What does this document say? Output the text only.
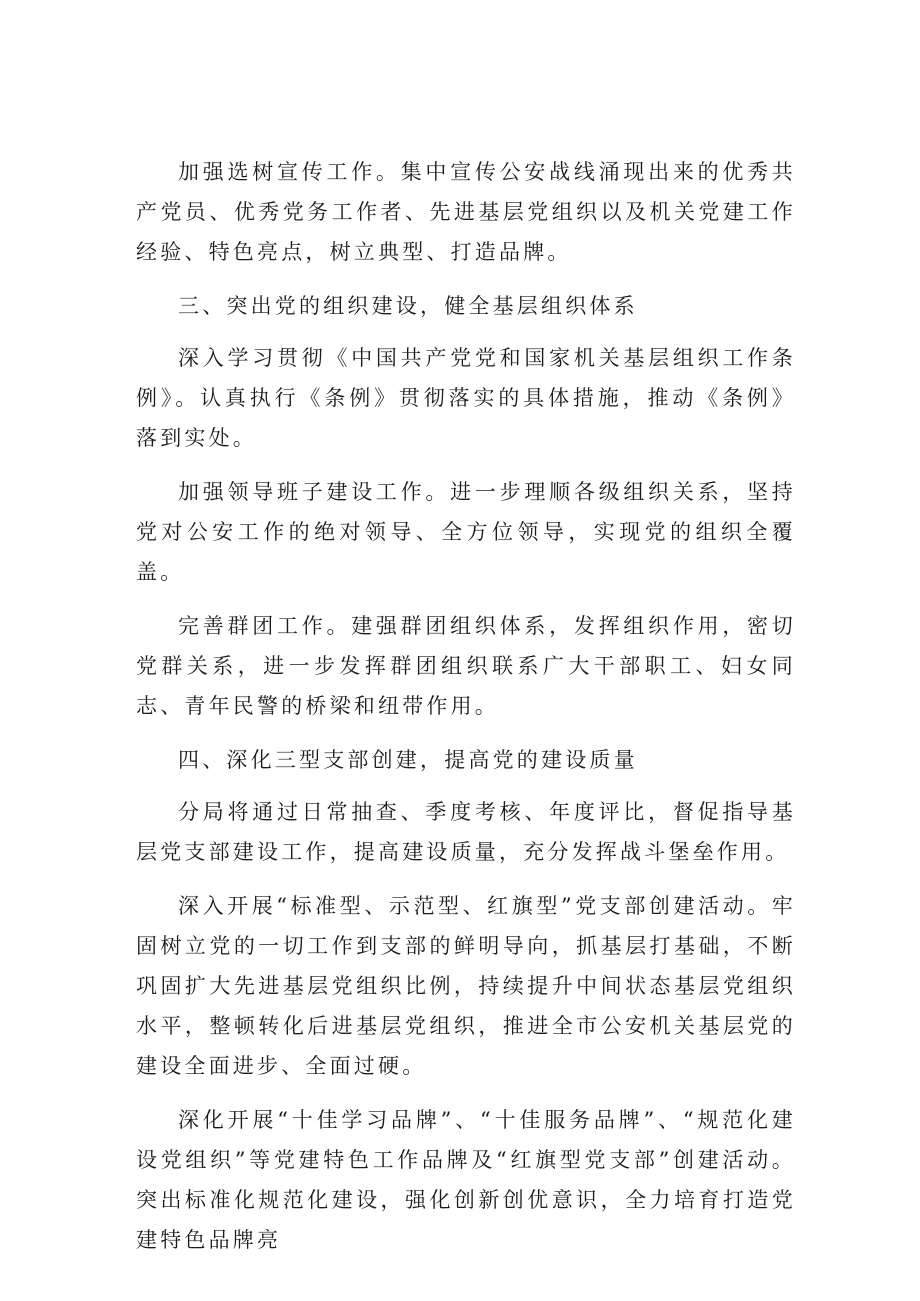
加强选树宣传工作。集中宣传公安战线涌现出来的优秀共产党员、优秀党务工作者、先进基层党组织以及机关党建工作经验、特色亮点，树立典型、打造品牌。

三、突出党的组织建设，健全基层组织体系

深入学习贯彻《中国共产党党和国家机关基层组织工作条例》。认真执行《条例》贯彻落实的具体措施，推动《条例》落到实处。

加强领导班子建设工作。进一步理顺各级组织关系，坚持党对公安工作的绝对领导、全方位领导，实现党的组织全覆盖。

完善群团工作。建强群团组织体系，发挥组织作用，密切党群关系，进一步发挥群团组织联系广大干部职工、妇女同志、青年民警的桥梁和纽带作用。

四、深化三型支部创建，提高党的建设质量

分局将通过日常抽查、季度考核、年度评比，督促指导基层党支部建设工作，提高建设质量，充分发挥战斗堡垒作用。

深入开展“标准型、示范型、红旗型”党支部创建活动。牢固树立党的一切工作到支部的鲜明导向，抓基层打基础，不断巩固扩大先进基层党组织比例，持续提升中间状态基层党组织水平，整顿转化后进基层党组织，推进全市公安机关基层党的建设全面进步、全面过硬。

深化开展“十佳学习品牌”、“十佳服务品牌”、“规范化建设党组织”等党建特色工作品牌及“红旗型党支部”创建活动。突出标准化规范化建设，强化创新创优意识，全力培育打造党建特色品牌亮
